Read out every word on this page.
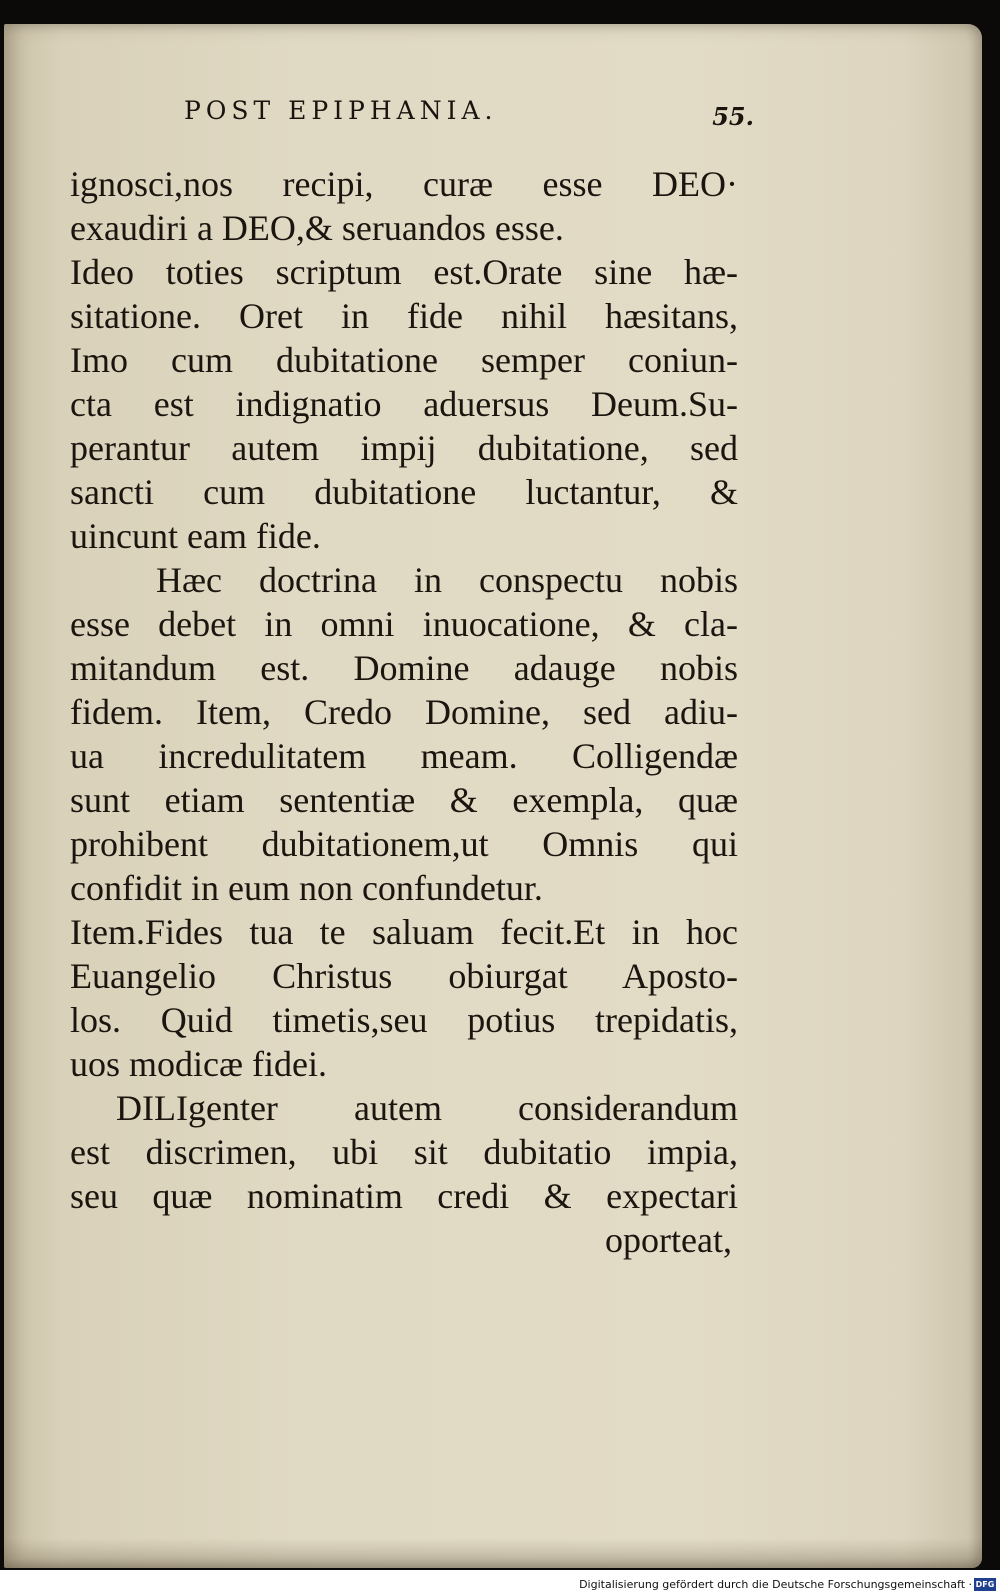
POST EPIPHANIA.	55.
ignosci,nos recipi, curæ esse DEO·
exaudiri a DEO,& seruandos esse.
Ideo toties scriptum est.Orate sine hæ-
sitatione. Oret in fide nihil hæsitans,
Imo cum dubitatione semper coniun-
cta est indignatio aduersus Deum.Su-
perantur autem impij dubitatione, sed
sancti cum dubitatione luctantur, &
uincunt eam fide.
Hæc doctrina in conspectu nobis
esse debet in omni inuocatione, & cla-
mitandum est. Domine adauge nobis
fidem. Item, Credo Domine, sed adiu-
ua incredulitatem meam. Colligendæ
sunt etiam sententiæ & exempla, quæ
prohibent dubitationem,ut Omnis qui
confidit in eum non confundetur.
Item.Fides tua te saluam fecit.Et in hoc
Euangelio Christus obiurgat Aposto-
los. Quid timetis,seu potius trepidatis,
uos modicæ fidei.
DILIgenter autem considerandum
est discrimen, ubi sit dubitatio impia,
seu quæ nominatim credi & expectari
oporteat,
Digitalisierung gefördert durch die Deutsche Forschungsgemeinschaft · DFG
